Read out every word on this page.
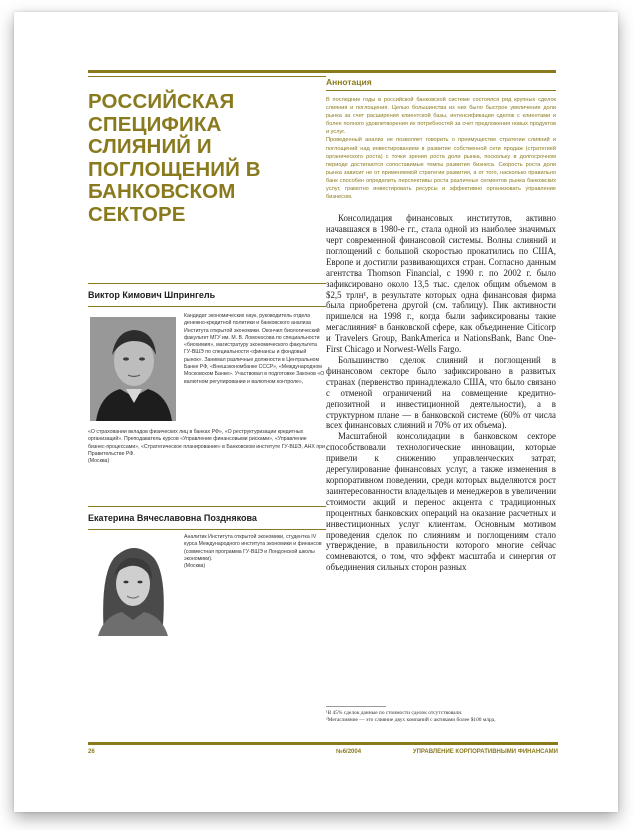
РОССИЙСКАЯ СПЕЦИФИКА СЛИЯНИЙ И ПОГЛОЩЕНИЙ В БАНКОВСКОМ СЕКТОРЕ
Виктор Кимович Шпрингель
Кандидат экономических наук, руководитель отдела денежно-кредитной политики и банковского анализа Института открытой экономики. Окончил биологический факультет МГУ им. М. В. Ломоносова по специальности «биохимия», магистратуру экономического факультета ГУ-ВШЭ по специальности «финансы и фондовый рынок». Занимал различные должности в Центральном Банке РФ, «Внешэкономбанке СССР», «Международном Московском Банке». Участвовал в подготовке Законов «О валютном регулировании и валютном контроле»,
«О страховании вкладов физических лиц в банках РФ», «О реструктуризации кредитных организаций». Преподаватель курсов «Управление финансовыми рисками», «Управление бизнес-процессами», «Стратегическое планирование» в Банковском институте ГУ-ВШЭ, АНХ при Правительстве РФ.
(Москва)
Екатерина Вячеславовна Позднякова
Аналитик Института открытой экономики, студентка IV курса Международного института экономики и финансов (совместная программа ГУ-ВШЭ и Лондонской школы экономики).
(Москва)
Аннотация

В последние годы в российской банковской системе состоялся ряд крупных сделок слияния и поглощения. Целью большинства из них было быстрое увеличение доли рынка за счет расширения клиентской базы, интенсификация сделок с клиентами и более полного удовлетворения их потребностей за счет предложения новых продуктов и услуг.

Проведенный анализ не позволяет говорить о преимуществе стратегии слияний и поглощений над инвестированием в развитие собственной сети продаж (стратегией органического роста) с точки зрения роста доли рынка, поскольку в долгосрочном периоде достигаются сопоставимые темпы развития бизнеса. Скорость роста доли рынка зависит не от применяемой стратегии развития, а от того, насколько правильно банк способен определить перспективы роста различных сегментов рынка банковских услуг, грамотно инвестировать ресурсы и эффективно организовать управление бизнесом.

Консолидация финансовых институтов, активно начавшаяся в 1980-е гг., стала одной из наиболее значимых черт современной финансовой системы. Волны слияний и поглощений с большой скоростью прокатились по США, Европе и достигли развивающихся стран. Согласно данным агентства Thomson Financial, с 1990 г. по 2002 г. было зафиксировано около 13,5 тыс. сделок общим объемом в $2,5 трлн¹, в результате которых одна финансовая фирма была приобретена другой (см. таблицу). Пик активности пришелся на 1998 г., когда были зафиксированы такие мегаслияния² в банковской сфере, как объединение Citicorp и Travelers Group, BankAmerica и NationsBank, Banc One-First Chicago и Norwest-Wells Fargo.

Большинство сделок слияний и поглощений в финансовом секторе было зафиксировано в развитых странах (первенство принадлежало США, что было связано с отменой ограничений на совмещение кредитно-депозитной и инвестиционной деятельности), а в структурном плане — в банковской системе (60% от числа всех финансовых слияний и 70% от их объема).

Масштабной консолидации в банковском секторе способствовали технологические инновации, которые привели к снижению управленческих затрат, дерегулирование финансовых услуг, а также изменения в корпоративном поведении, среди которых выделяются рост заинтересованности владельцев и менеджеров в увеличении стоимости акций и перенос акцента с традиционных процентных банковских операций на оказание расчетных и инвестиционных услуг клиентам. Основным мотивом проведения сделок по слияниям и поглощениям стало утверждение, в правильности которого многие сейчас сомневаются, о том, что эффект масштаба и синергия от объединения сильных сторон разных

¹В 45% сделок данные по стоимости сделок отсутствовали.

²Мегаслияние — это слияние двух компаний с активами более $100 млрд.

26	№6/2004	УПРАВЛЕНИЕ КОРПОРАТИВНЫМИ ФИНАНСАМИ
